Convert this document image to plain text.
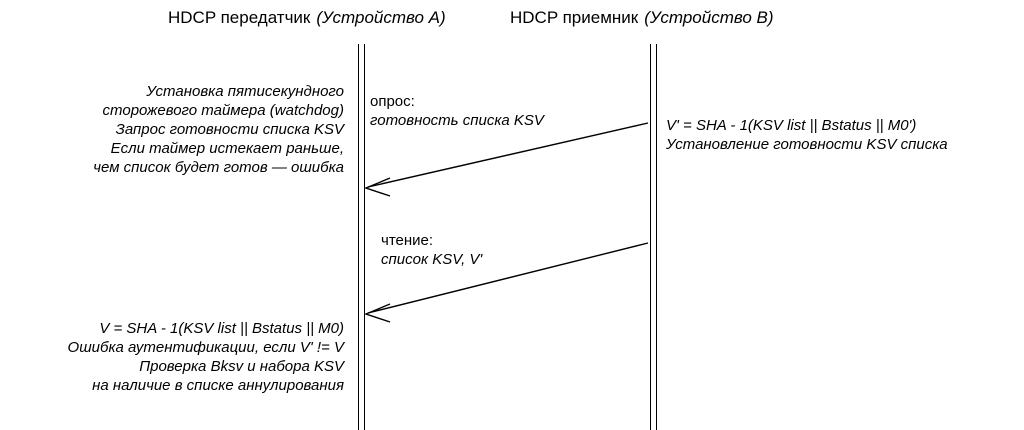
HDCP передатчик (Устройство А)	HDCP приемник (Устройство В)
Установка пятисекундного
сторожевого таймера (watchdog)
Запрос готовности списка KSV
Если таймер истекает раньше,
чем список будет готов — ошибка
V' = SHA - 1(KSV list || Bstatus || M0')
Установление готовности KSV списка
опрос:
готовность списка KSV
чтение:
список KSV, V'
V = SHA - 1(KSV list || Bstatus || M0)
Ошибка аутентификации, если V' != V
Проверка Bksv и набора KSV
на наличие в списке аннулирования
